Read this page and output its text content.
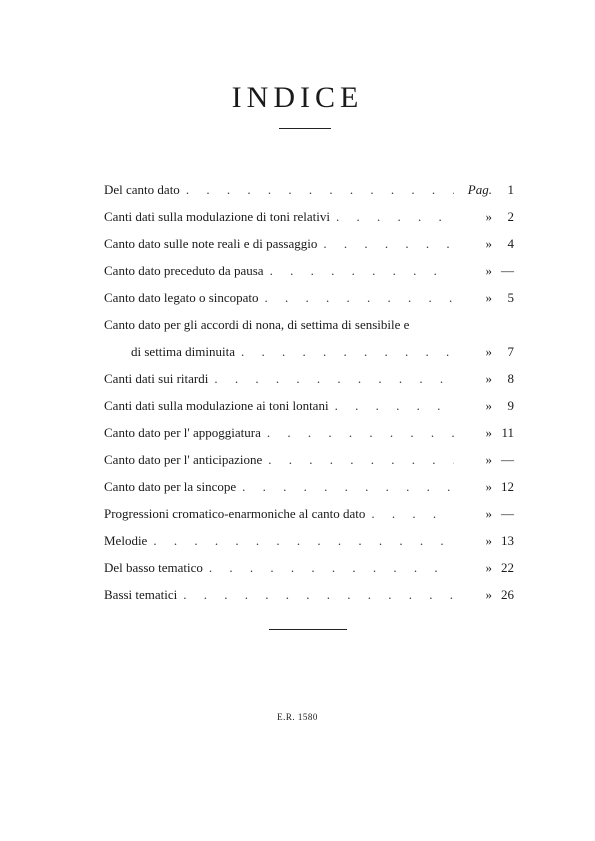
INDICE
Del canto dato . . .	Pag.	1
Canti dati sulla modulazione di toni relativi . . .	»	2
Canto dato sulle note reali e di passaggio . . .	»	4
Canto dato preceduto da pausa . . .	» —
Canto dato legato o sincopato . . .	»	5
Canto dato per gli accordi di nona, di settima di sensibile e
di settima diminuita . . .	»	7
Canti dati sui ritardi . . .	»	8
Canti dati sulla modulazione ai toni lontani . . .	»	9
Canto dato per l' appoggiatura . . .	» 11
Canto dato per l' anticipazione . . .	» —
Canto dato per la sincope . . .	» 12
Progressioni cromatico-enarmoniche al canto dato . . .	» —
Melodie . . .	» 13
Del basso tematico . . .	» 22
Bassi tematici . . .	» 26
E.R. 1580
